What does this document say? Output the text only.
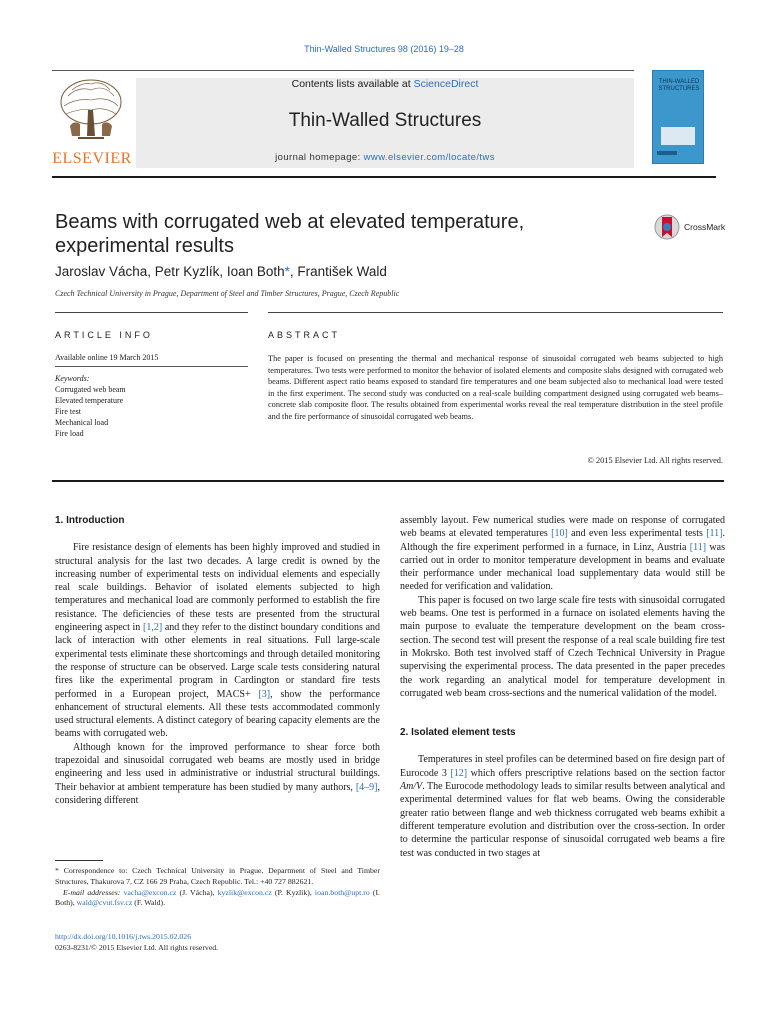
Thin-Walled Structures 98 (2016) 19–28
ELSEVIER
Contents lists available at ScienceDirect
Thin-Walled Structures
journal homepage: www.elsevier.com/locate/tws
THIN-WALLED STRUCTURES
Beams with corrugated web at elevated temperature, experimental results
CrossMark
Jaroslav Vácha, Petr Kyzlík, Ioan Both*, František Wald
Czech Technical University in Prague, Department of Steel and Timber Structures, Prague, Czech Republic
ARTICLE INFO	ABSTRACT
Available online 19 March 2015
Keywords:
Corrugated web beam
Elevated temperature
Fire test
Mechanical load
Fire load
The paper is focused on presenting the thermal and mechanical response of sinusoidal corrugated web beams subjected to high temperatures. Two tests were performed to monitor the behavior of isolated elements and composite slabs designed with corrugated web beams. Different aspect ratio beams exposed to standard fire temperatures and one beam subjected also to mechanical load were tested in the first experiment. The second study was conducted on a real-scale building compartment designed using corrugated web beams–concrete slab composite floor. The results obtained from experimental works reveal the real temperature distribution in the steel profile and the fire performance of sinusoidal corrugated web beams.
© 2015 Elsevier Ltd. All rights reserved.

1. Introduction

Fire resistance design of elements has been highly improved and studied in structural analysis for the last two decades. A large credit is owned by the increasing number of experimental tests on individual elements and especially real scale buildings. Behavior of isolated elements subjected to high temperatures and mechanical load are commonly performed to establish the fire resistance. The deficiencies of these tests are presented from the structural engineering aspect in [1,2] and they refer to the distinct boundary conditions and lack of interaction with other elements in real situations. Full large-scale experimental tests eliminate these shortcomings and through detailed monitoring the response of structure can be observed. Large scale tests considering natural fires like the experimental program in Cardington or standard fire tests performed in a European project, MACS+ [3], show the performance enhancement of structural elements. All these tests accommodated commonly used structural elements. A distinct category of bearing capacity elements are the beams with corrugated web.

Although known for the improved performance to shear force both trapezoidal and sinusoidal corrugated web beams are mostly used in bridge engineering and less used in administrative or industrial structural buildings. Their behavior at ambient temperature has been studied by many authors, [4–9], considering different

assembly layout. Few numerical studies were made on response of corrugated web beams at elevated temperatures [10] and even less experimental tests [11]. Although the fire experiment performed in a furnace, in Linz, Austria [11] was carried out in order to monitor temperature development in beams and evaluate their performance under mechanical load supplementary data would still be needed for verification and validation.

This paper is focused on two large scale fire tests with sinusoidal corrugated web beams. One test is performed in a furnace on isolated elements having the main purpose to evaluate the temperature development on the beam cross-section. The second test will present the response of a real scale building fire test in Mokrsko. Both test involved staff of Czech Technical University in Prague supervising the experimental process. The data presented in the paper precedes the work regarding an analytical model for temperature development in corrugated web beam cross-sections and the numerical validation of the model.

2. Isolated element tests

Temperatures in steel profiles can be determined based on fire design part of Eurocode 3 [12] which offers prescriptive relations based on the section factor Am/V. The Eurocode methodology leads to similar results between analytical and experimental determined values for flat web beams. Owing the considerable greater ratio between flange and web thickness corrugated web beams exhibit a different temperature evolution and distribution over the cross-section. In order to determine the particular response of sinusoidal corrugated web beams a fire test was conducted in two stages at

* Correspondence to: Czech Technical University in Prague, Department of Steel and Timber Structures, Thakurova 7, CZ 166 29 Praha, Czech Republic. Tel.: +40 727 882621.
E-mail addresses: vacha@excon.cz (J. Vácha), kyzlik@excon.cz (P. Kyzlík), ioan.both@upt.ro (I. Both), wald@cvut.fsv.cz (F. Wald).
http://dx.doi.org/10.1016/j.tws.2015.02.026
0263-8231/© 2015 Elsevier Ltd. All rights reserved.
